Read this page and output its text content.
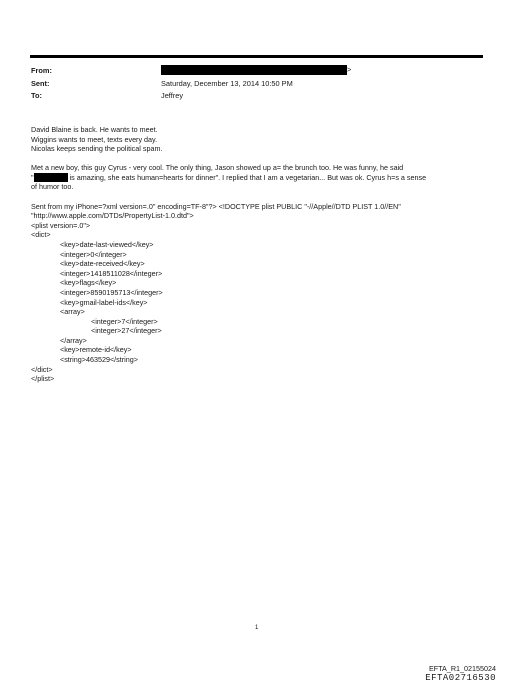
From:	>
Sent:	Saturday, December 13, 2014 10:50 PM
To:	Jeffrey

David Blaine is back. He wants to meet.

Wiggins wants to meet, texts every day.

Nicolas keeps sending the political spam.

Met a new boy, this guy Cyrus - very cool. The only thing, Jason showed up a= the brunch too. He was funny, he said

"	is amazing, she eats human=hearts for dinner". I replied that I am a vegetarian... But was ok. Cyrus h=s a sense

of humor too.

Sent from my iPhone=?xml version=.0" encoding=TF-8"?> <!DOCTYPE plist PUBLIC "-//Apple//DTD PLIST 1.0//EN"

"http://www.apple.com/DTDs/PropertyList-1.0.dtd">

<plist version=.0">
<dict>
<key>date-last-viewed</key>
<integer>0</integer>
<key>date-received</key>
<integer>1418511028</integer>
<key>flags</key>
<integer>8590195713</integer>
<key>gmail-label-ids</key>
<array>
<integer>7</integer>
<integer>27</integer>
</array>
<key>remote-id</key>
<string>463529</string>
</dict>
</plist>
1
EFTA_R1_02155024
EFTA02716530
